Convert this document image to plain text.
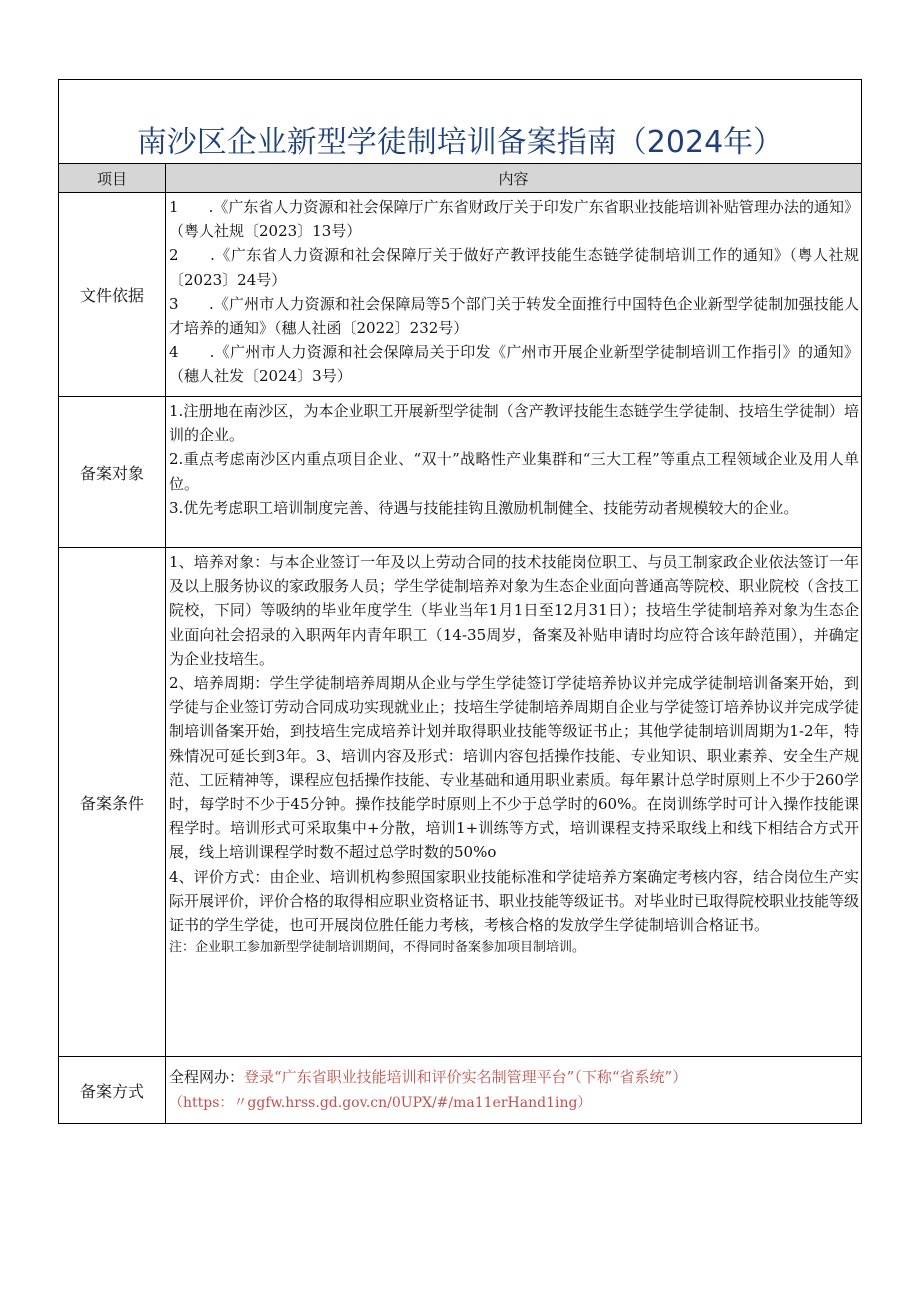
南沙区企业新型学徒制培训备案指南（2024年）
项目	内容
文件依据	1　　.《广东省人力资源和社会保障厅广东省财政厅关于印发广东省职业技能培训补贴管理办法的通知》（粤人社规〔2023〕13号）

2　　.《广东省人力资源和社会保障厅关于做好产教评技能生态链学徒制培训工作的通知》（粤人社规〔2023〕24号）

3　　.《广州市人力资源和社会保障局等5个部门关于转发全面推行中国特色企业新型学徒制加强技能人才培养的通知》（穗人社函〔2022〕232号）

4　　.《广州市人力资源和社会保障局关于印发《广州市开展企业新型学徒制培训工作指引》的通知》（穗人社发〔2024〕3号）

备案对象	1.注册地在南沙区，为本企业职工开展新型学徒制（含产教评技能生态链学生学徒制、技培生学徒制）培训的企业。

2.重点考虑南沙区内重点项目企业、“双十”战略性产业集群和“三大工程”等重点工程领域企业及用人单位。

3.优先考虑职工培训制度完善、待遇与技能挂钩且激励机制健全、技能劳动者规模较大的企业。

备案条件	1、培养对象：与本企业签订一年及以上劳动合同的技术技能岗位职工、与员工制家政企业依法签订一年及以上服务协议的家政服务人员；学生学徒制培养对象为生态企业面向普通高等院校、职业院校（含技工院校，下同）等吸纳的毕业年度学生（毕业当年1月1日至12月31日）；技培生学徒制培养对象为生态企业面向社会招录的入职两年内青年职工（14-35周岁，备案及补贴申请时均应符合该年龄范围），并确定为企业技培生。

2、培养周期：学生学徒制培养周期从企业与学生学徒签订学徒培养协议并完成学徒制培训备案开始，到学徒与企业签订劳动合同成功实现就业止；技培生学徒制培养周期自企业与学徒签订培养协议并完成学徒制培训备案开始，到技培生完成培养计划并取得职业技能等级证书止；其他学徒制培训周期为1-2年，特殊情况可延长到3年。3、培训内容及形式：培训内容包括操作技能、专业知识、职业素养、安全生产规范、工匠精神等，课程应包括操作技能、专业基础和通用职业素质。每年累计总学时原则上不少于260学时，每学时不少于45分钟。操作技能学时原则上不少于总学时的60%。在岗训练学时可计入操作技能课程学时。培训形式可采取集中+分散，培训1+训练等方式，培训课程支持采取线上和线下相结合方式开展，线上培训课程学时数不超过总学时数的50%o

4、评价方式：由企业、培训机构参照国家职业技能标准和学徒培养方案确定考核内容，结合岗位生产实际开展评价，评价合格的取得相应职业资格证书、职业技能等级证书。对毕业时已取得院校职业技能等级证书的学生学徒，也可开展岗位胜任能力考核，考核合格的发放学生学徒制培训合格证书。

注：企业职工参加新型学徒制培训期间，不得同时备案参加项目制培训。

备案方式	全程网办：登录“广东省职业技能培训和评价实名制管理平台”（下称“省系统”）
（https：〃ggfw.hrss.gd.gov.cn/0UPX/#/ma11erHand1ing）
